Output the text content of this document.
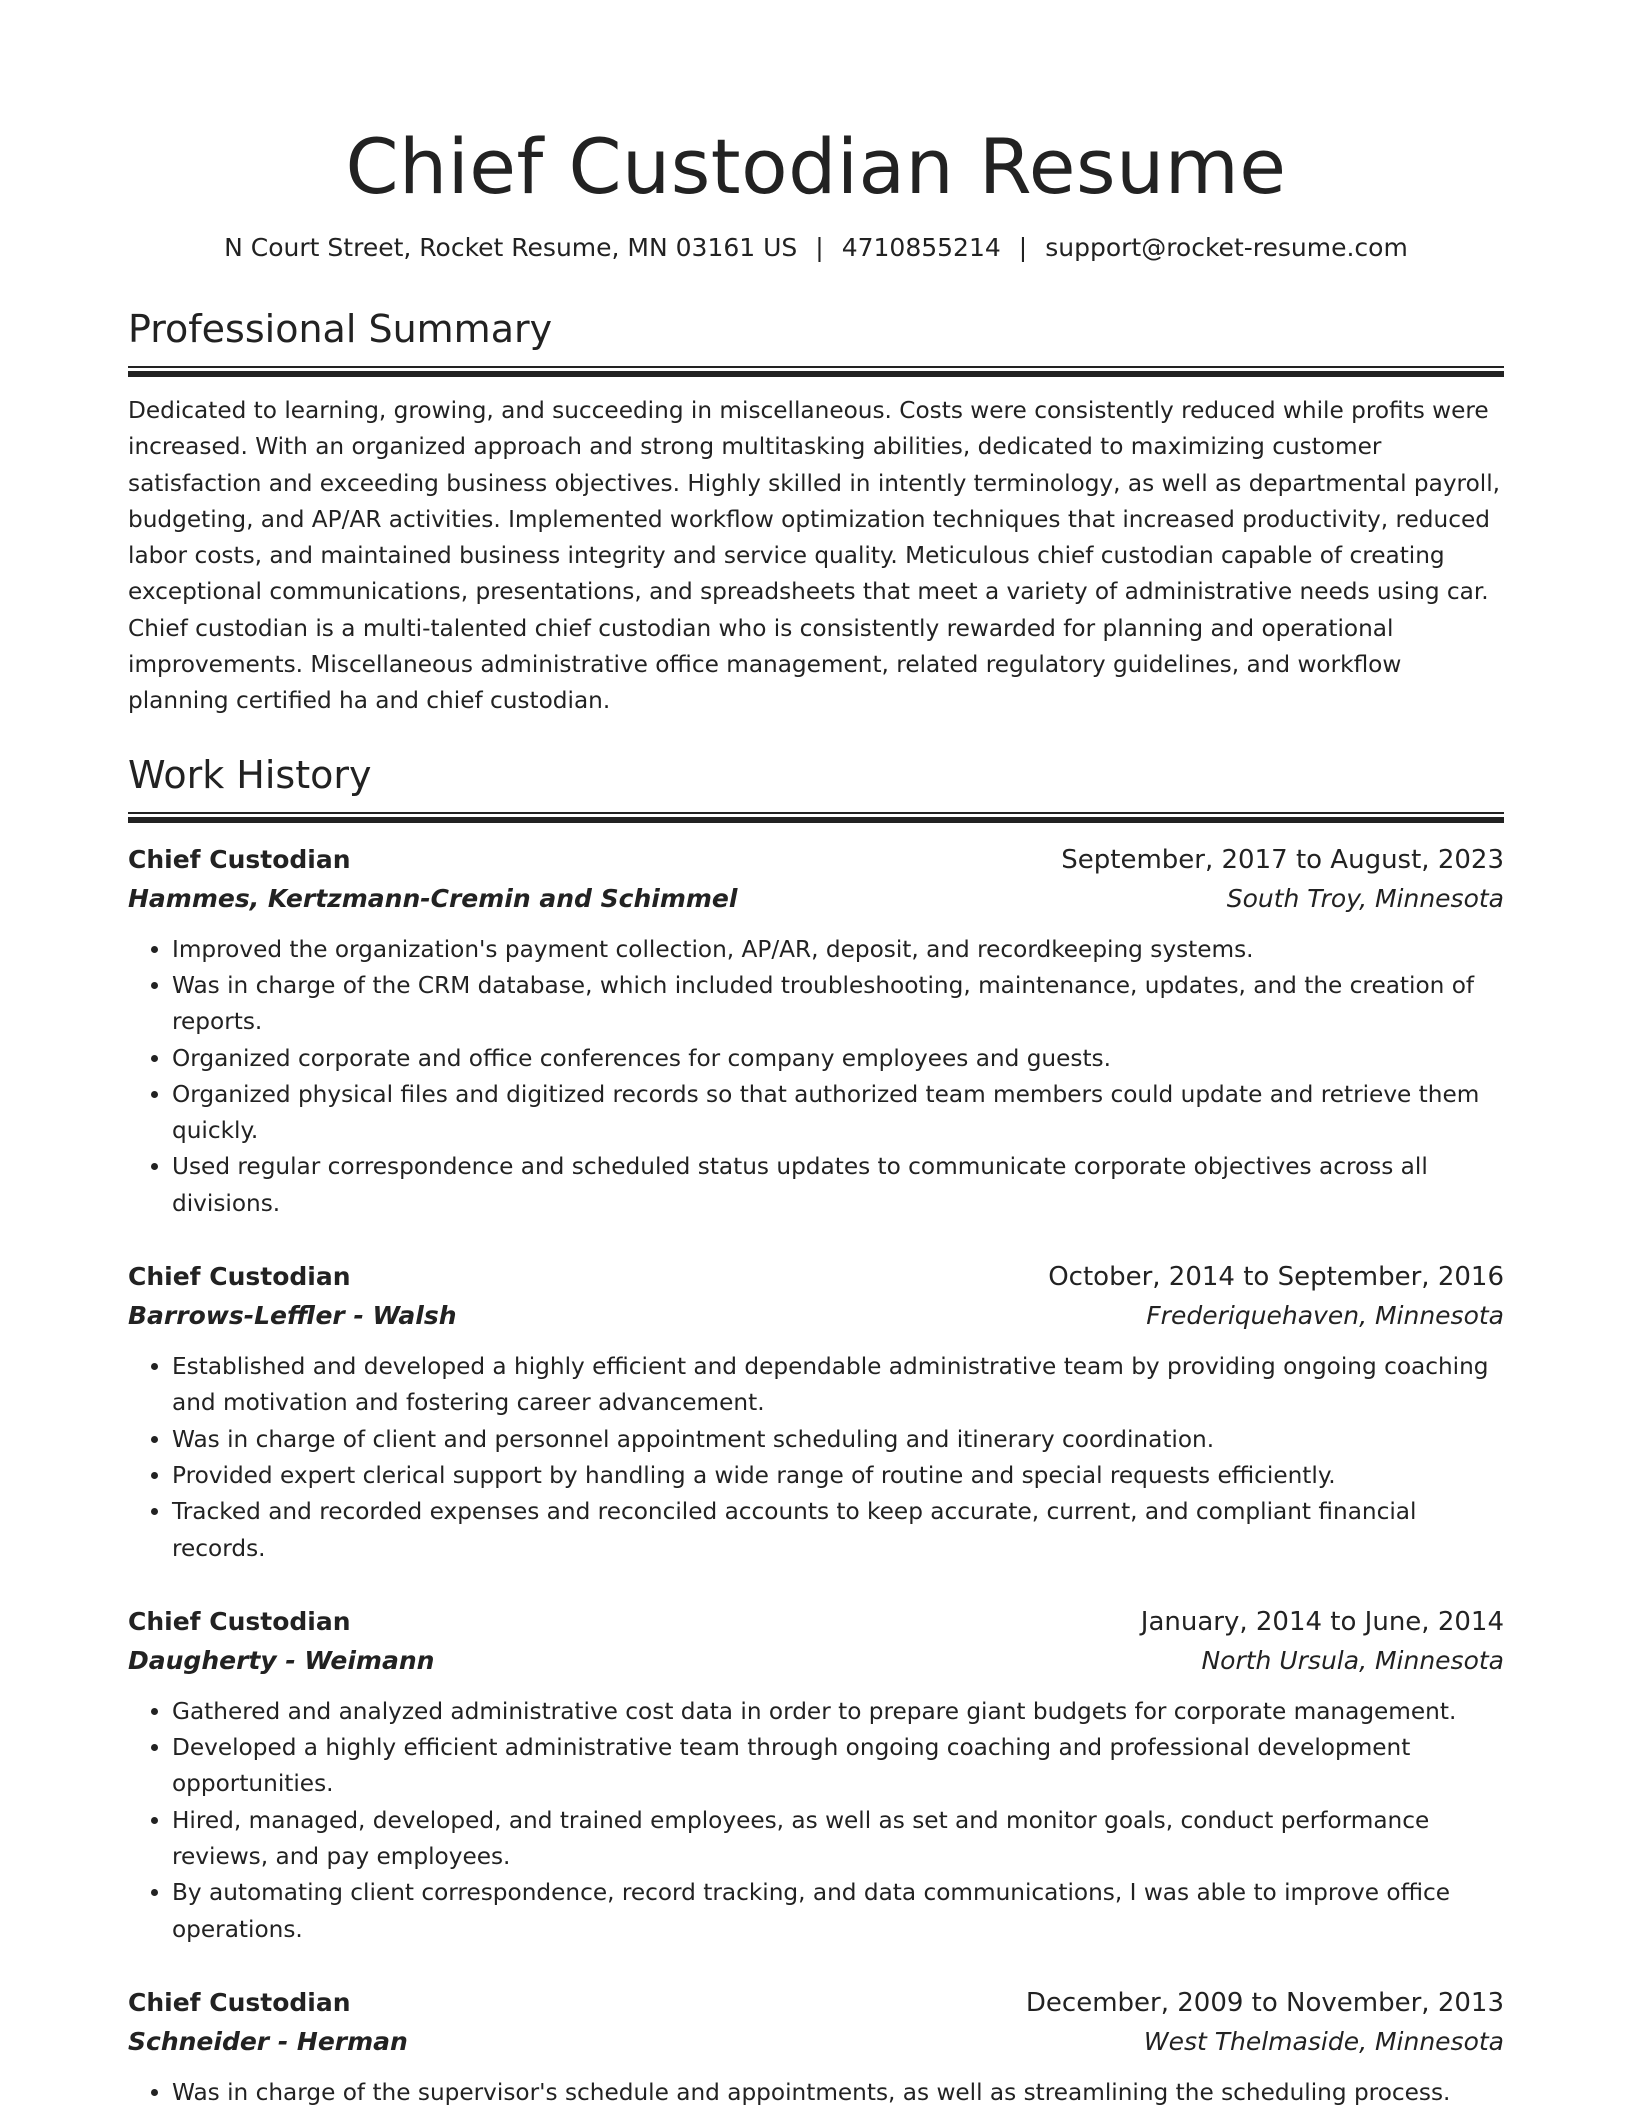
Chief Custodian Resume
N Court Street, Rocket Resume, MN 03161 US | 4710855214 | support@rocket-resume.com
Professional Summary

Dedicated to learning, growing, and succeeding in miscellaneous. Costs were consistently reduced while profits were increased. With an organized approach and strong multitasking abilities, dedicated to maximizing customer satisfaction and exceeding business objectives. Highly skilled in intently terminology, as well as departmental payroll, budgeting, and AP/AR activities. Implemented workflow optimization techniques that increased productivity, reduced labor costs, and maintained business integrity and service quality. Meticulous chief custodian capable of creating exceptional communications, presentations, and spreadsheets that meet a variety of administrative needs using car. Chief custodian is a multi-talented chief custodian who is consistently rewarded for planning and operational improvements. Miscellaneous administrative office management, related regulatory guidelines, and workflow planning certified ha and chief custodian.

Work History
Chief Custodian	September, 2017 to August, 2023
Hammes, Kertzmann-Cremin and Schimmel	South Troy, Minnesota
• Improved the organization's payment collection, AP/AR, deposit, and recordkeeping systems.
• Was in charge of the CRM database, which included troubleshooting, maintenance, updates, and the creation of reports.
• Organized corporate and office conferences for company employees and guests.
• Organized physical files and digitized records so that authorized team members could update and retrieve them quickly.
• Used regular correspondence and scheduled status updates to communicate corporate objectives across all divisions.
Chief Custodian	October, 2014 to September, 2016
Barrows-Leffler - Walsh	Frederiquehaven, Minnesota
• Established and developed a highly efficient and dependable administrative team by providing ongoing coaching and motivation and fostering career advancement.
• Was in charge of client and personnel appointment scheduling and itinerary coordination.
• Provided expert clerical support by handling a wide range of routine and special requests efficiently.
• Tracked and recorded expenses and reconciled accounts to keep accurate, current, and compliant financial records.
Chief Custodian	January, 2014 to June, 2014
Daugherty - Weimann	North Ursula, Minnesota
• Gathered and analyzed administrative cost data in order to prepare giant budgets for corporate management.
• Developed a highly efficient administrative team through ongoing coaching and professional development opportunities.
• Hired, managed, developed, and trained employees, as well as set and monitor goals, conduct performance reviews, and pay employees.
• By automating client correspondence, record tracking, and data communications, I was able to improve office operations.
Chief Custodian	December, 2009 to November, 2013
Schneider - Herman	West Thelmaside, Minnesota
• Was in charge of the supervisor's schedule and appointments, as well as streamlining the scheduling process.
